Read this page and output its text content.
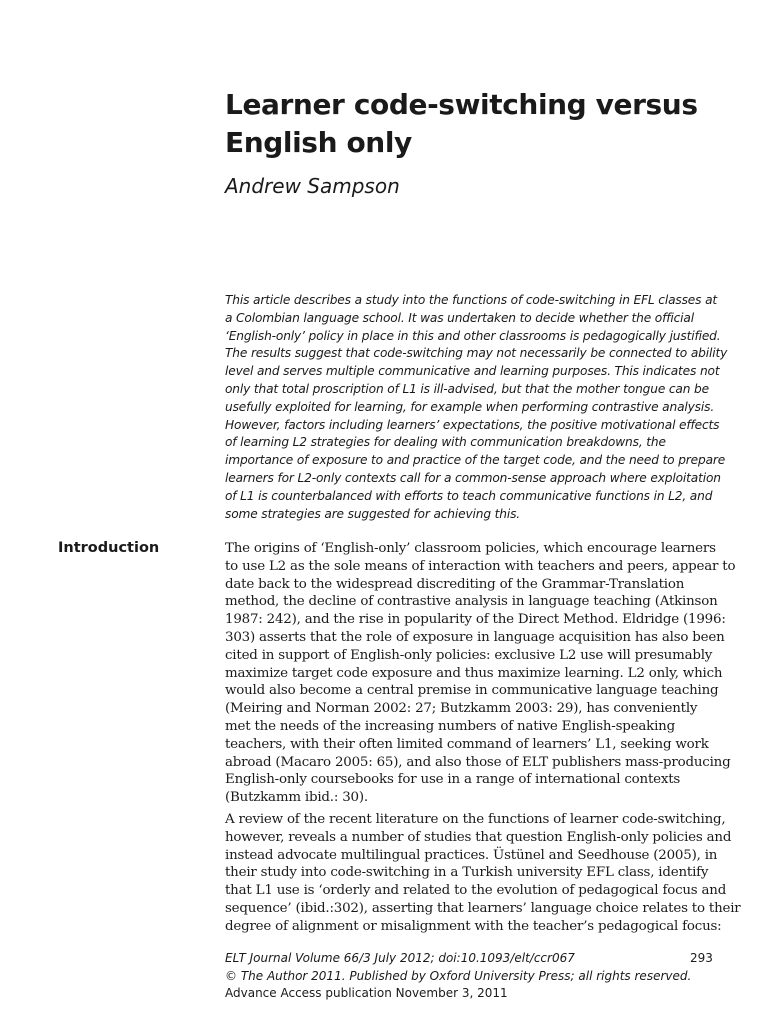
Learner code-switching versus
English only
Andrew Sampson
This article describes a study into the functions of code-switching in EFL classes at
a Colombian language school. It was undertaken to decide whether the official
‘English-only’ policy in place in this and other classrooms is pedagogically justified.
The results suggest that code-switching may not necessarily be connected to ability
level and serves multiple communicative and learning purposes. This indicates not
only that total proscription of L1 is ill-advised, but that the mother tongue can be
usefully exploited for learning, for example when performing contrastive analysis.
However, factors including learners’ expectations, the positive motivational effects
of learning L2 strategies for dealing with communication breakdowns, the
importance of exposure to and practice of the target code, and the need to prepare
learners for L2-only contexts call for a common-sense approach where exploitation
of L1 is counterbalanced with efforts to teach communicative functions in L2, and
some strategies are suggested for achieving this.
Introduction	The origins of ‘English-only’ classroom policies, which encourage learners
to use L2 as the sole means of interaction with teachers and peers, appear to
date back to the widespread discrediting of the Grammar-Translation
method, the decline of contrastive analysis in language teaching (Atkinson
1987: 242), and the rise in popularity of the Direct Method. Eldridge (1996:
303) asserts that the role of exposure in language acquisition has also been
cited in support of English-only policies: exclusive L2 use will presumably
maximize target code exposure and thus maximize learning. L2 only, which
would also become a central premise in communicative language teaching
(Meiring and Norman 2002: 27; Butzkamm 2003: 29), has conveniently
met the needs of the increasing numbers of native English-speaking
teachers, with their often limited command of learners’ L1, seeking work
abroad (Macaro 2005: 65), and also those of ELT publishers mass-producing
English-only coursebooks for use in a range of international contexts
(Butzkamm ibid.: 30).
A review of the recent literature on the functions of learner code-switching,
however, reveals a number of studies that question English-only policies and
instead advocate multilingual practices. Üstünel and Seedhouse (2005), in
their study into code-switching in a Turkish university EFL class, identify
that L1 use is ‘orderly and related to the evolution of pedagogical focus and
sequence’ (ibid.:302), asserting that learners’ language choice relates to their
degree of alignment or misalignment with the teacher’s pedagogical focus:
ELT Journal Volume 66/3 July 2012; doi:10.1093/elt/ccr067
© The Author 2011. Published by Oxford University Press; all rights reserved.
Advance Access publication November 3, 2011
293
